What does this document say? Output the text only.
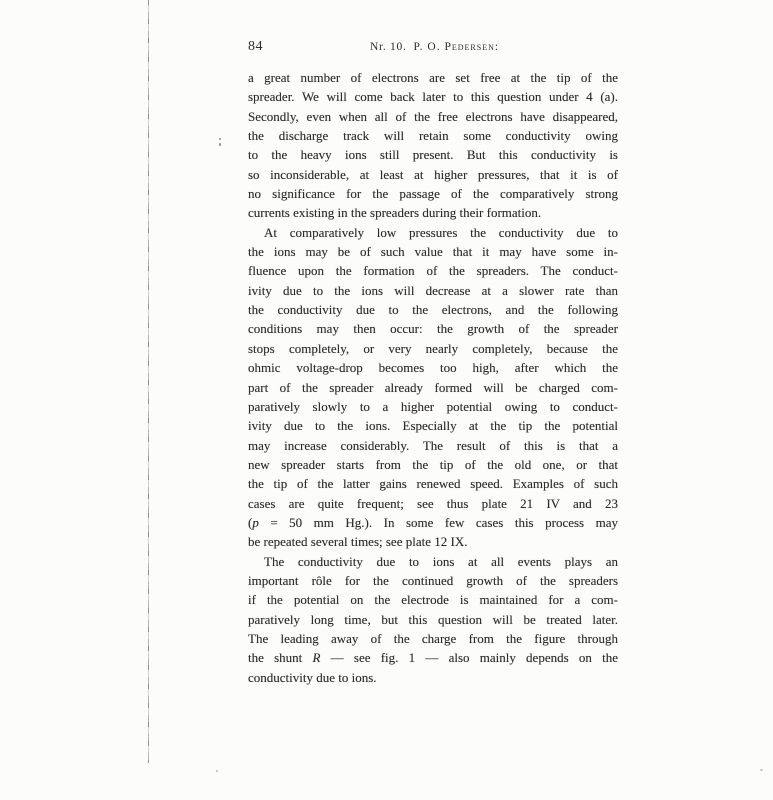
84	Nr. 10. P. O. Pedersen:
a great number of electrons are set free at the tip of the
spreader. We will come back later to this question under 4 (a).
Secondly, even when all of the free electrons have disappeared,
the discharge track will retain some conductivity owing
to the heavy ions still present. But this conductivity is
so inconsiderable, at least at higher pressures, that it is of
no significance for the passage of the comparatively strong
currents existing in the spreaders during their formation.
At comparatively low pressures the conductivity due to
the ions may be of such value that it may have some in-
fluence upon the formation of the spreaders. The conduct-
ivity due to the ions will decrease at a slower rate than
the conductivity due to the electrons, and the following
conditions may then occur: the growth of the spreader
stops completely, or very nearly completely, because the
ohmic voltage-drop becomes too high, after which the
part of the spreader already formed will be charged com-
paratively slowly to a higher potential owing to conduct-
ivity due to the ions. Especially at the tip the potential
may increase considerably. The result of this is that a
new spreader starts from the tip of the old one, or that
the tip of the latter gains renewed speed. Examples of such
cases are quite frequent; see thus plate 21 IV and 23
(p = 50 mm Hg.). In some few cases this process may
be repeated several times; see plate 12 IX.
The conductivity due to ions at all events plays an
important rôle for the continued growth of the spreaders
if the potential on the electrode is maintained for a com-
paratively long time, but this question will be treated later.
The leading away of the charge from the figure through
the shunt R — see fig. 1 — also mainly depends on the
conductivity due to ions.
